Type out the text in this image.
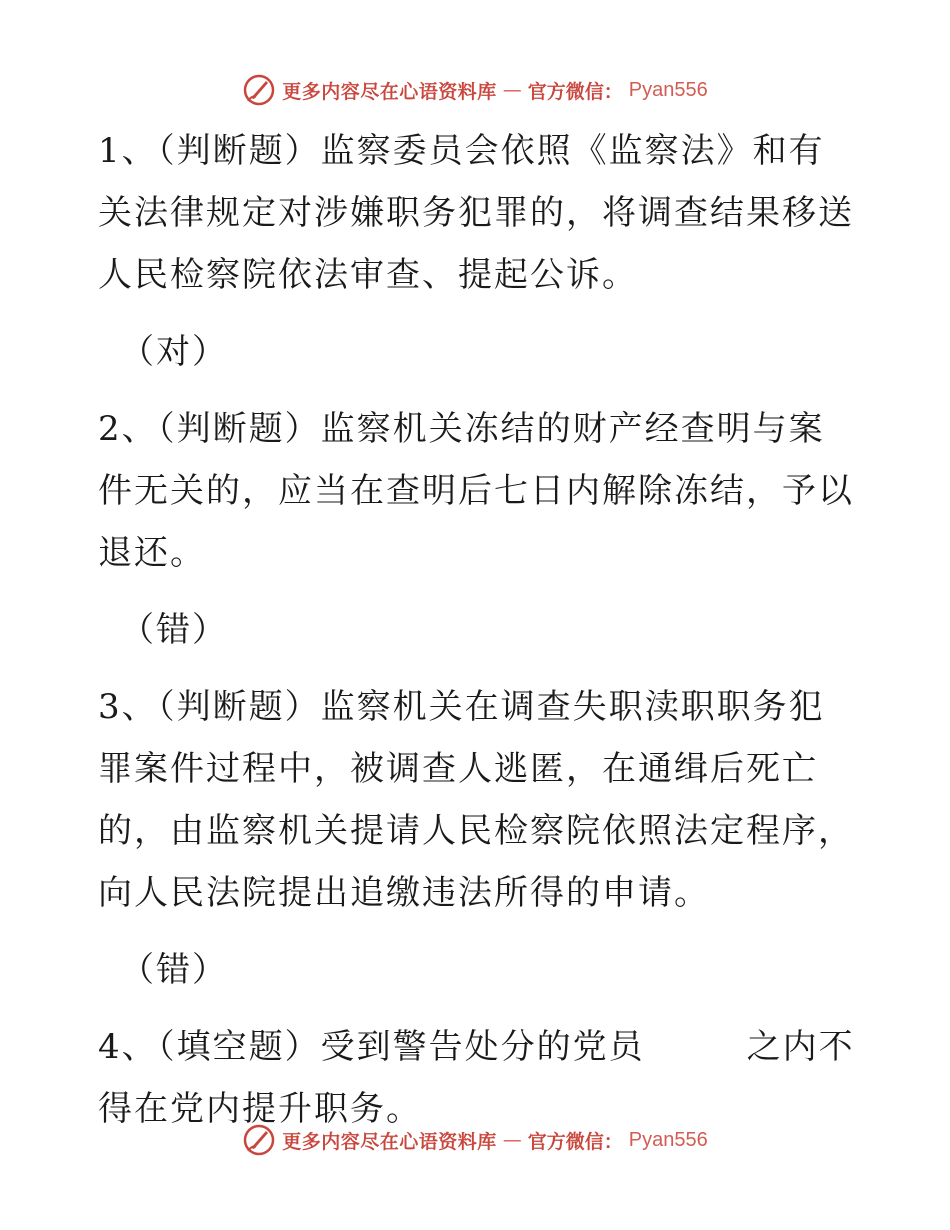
更多内容尽在心语资料库 — 官方微信： Pyan556

1、（判断题）监察委员会依照《监察法》和有关法律规定对涉嫌职务犯罪的，将调查结果移送人民检察院依法审查、提起公诉。

（对）

2、（判断题）监察机关冻结的财产经查明与案件无关的，应当在查明后七日内解除冻结，予以退还。

（错）

3、（判断题）监察机关在调查失职渎职职务犯罪案件过程中，被调查人逃匿，在通缉后死亡的，由监察机关提请人民检察院依照法定程序，向人民法院提出追缴违法所得的申请。

（错）

4、（填空题）受到警告处分的党员	之内不得在党内提升职务。

更多内容尽在心语资料库 — 官方微信： Pyan556
